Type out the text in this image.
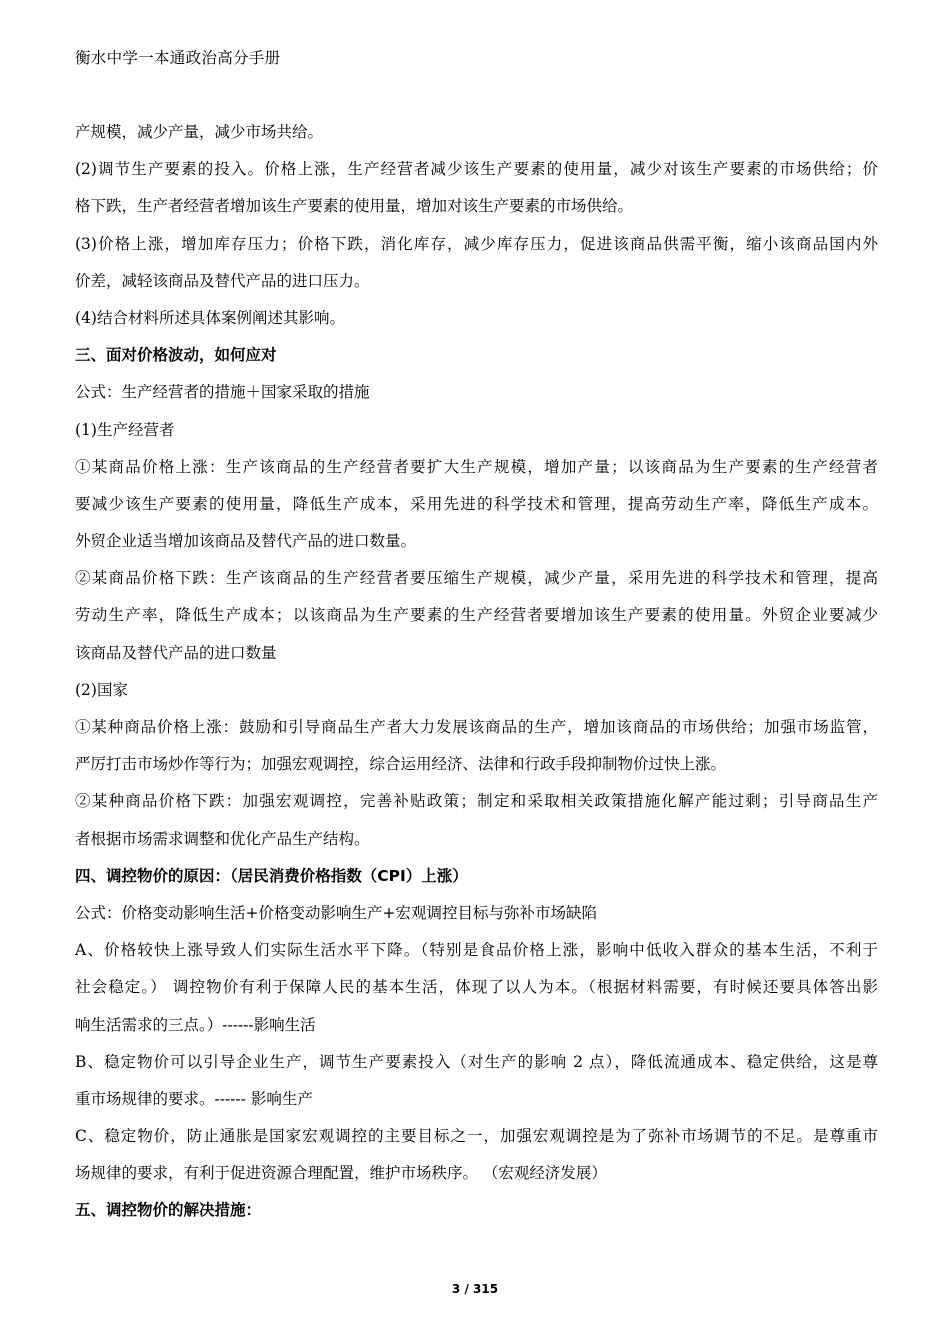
衡水中学一本通政治高分手册
产规模，减少产量，减少市场共给。
(2)调节生产要素的投入。价格上涨，生产经营者减少该生产要素的使用量，减少对该生产要素的市场供给；价
格下跌，生产者经营者增加该生产要素的使用量，增加对该生产要素的市场供给。
(3)价格上涨，增加库存压力；价格下跌，消化库存，减少库存压力，促进该商品供需平衡，缩小该商品国内外
价差，减轻该商品及替代产品的进口压力。
(4)结合材料所述具体案例阐述其影响。
三、面对价格波动，如何应对
公式：生产经营者的措施＋国家采取的措施
(1)生产经营者
①某商品价格上涨：生产该商品的生产经营者要扩大生产规模，增加产量；以该商品为生产要素的生产经营者
要减少该生产要素的使用量，降低生产成本，采用先进的科学技术和管理，提高劳动生产率，降低生产成本。
外贸企业适当增加该商品及替代产品的进口数量。
②某商品价格下跌：生产该商品的生产经营者要压缩生产规模，减少产量，采用先进的科学技术和管理，提高
劳动生产率，降低生产成本；以该商品为生产要素的生产经营者要增加该生产要素的使用量。外贸企业要减少
该商品及替代产品的进口数量
(2)国家
①某种商品价格上涨：鼓励和引导商品生产者大力发展该商品的生产，增加该商品的市场供给；加强市场监管，
严厉打击市场炒作等行为；加强宏观调控，综合运用经济、法律和行政手段抑制物价过快上涨。
②某种商品价格下跌：加强宏观调控，完善补贴政策；制定和采取相关政策措施化解产能过剩；引导商品生产
者根据市场需求调整和优化产品生产结构。
四、调控物价的原因：（居民消费价格指数（CPI）上涨）
公式：价格变动影响生活+价格变动影响生产+宏观调控目标与弥补市场缺陷
A、价格较快上涨导致人们实际生活水平下降。（特别是食品价格上涨，影响中低收入群众的基本生活，不利于
社会稳定。） 调控物价有利于保障人民的基本生活，体现了以人为本。（根据材料需要，有时候还要具体答出影
响生活需求的三点。）------影响生活
B、稳定物价可以引导企业生产，调节生产要素投入（对生产的影响 2 点），降低流通成本、稳定供给，这是尊
重市场规律的要求。------ 影响生产
C、稳定物价，防止通胀是国家宏观调控的主要目标之一，加强宏观调控是为了弥补市场调节的不足。是尊重市
场规律的要求，有利于促进资源合理配置，维护市场秩序。 （宏观经济发展）
五、调控物价的解决措施：
3 / 315
